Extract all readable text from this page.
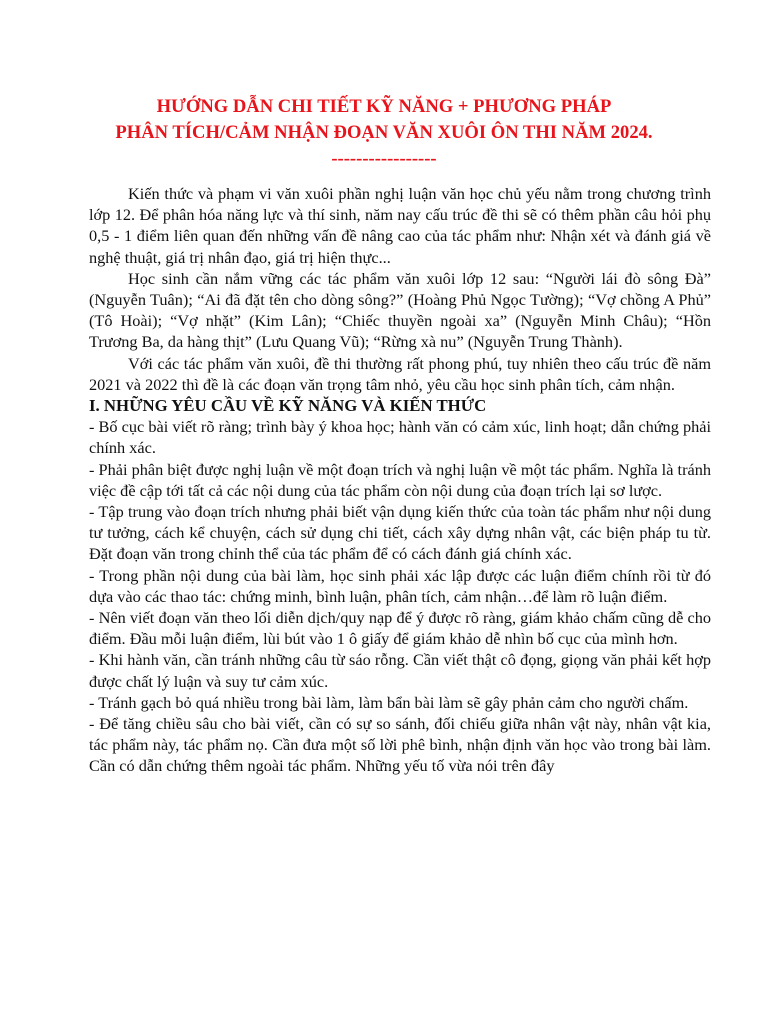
HƯỚNG DẪN CHI TIẾT KỸ NĂNG + PHƯƠNG PHÁP
PHÂN TÍCH/CẢM NHẬN ĐOẠN VĂN XUÔI ÔN THI NĂM 2024.
-----------------

Kiến thức và phạm vi văn xuôi phần nghị luận văn học chủ yếu nằm trong chương trình lớp 12. Để phân hóa năng lực và thí sinh, năm nay cấu trúc đề thi sẽ có thêm phần câu hỏi phụ 0,5 - 1 điểm liên quan đến những vấn đề nâng cao của tác phẩm như: Nhận xét và đánh giá về nghệ thuật, giá trị nhân đạo, giá trị hiện thực...

Học sinh cần nắm vững các tác phẩm văn xuôi lớp 12 sau: “Người lái đò sông Đà” (Nguyễn Tuân); “Ai đã đặt tên cho dòng sông?” (Hoàng Phủ Ngọc Tường); “Vợ chồng A Phủ” (Tô Hoài); “Vợ nhặt” (Kim Lân); “Chiếc thuyền ngoài xa” (Nguyễn Minh Châu); “Hồn Trương Ba, da hàng thịt” (Lưu Quang Vũ); “Rừng xà nu” (Nguyễn Trung Thành).

Với các tác phẩm văn xuôi, đề thi thường rất phong phú, tuy nhiên theo cấu trúc đề năm 2021 và 2022 thì đề là các đoạn văn trọng tâm nhỏ, yêu cầu học sinh phân tích, cảm nhận.

I. NHỮNG YÊU CẦU VỀ KỸ NĂNG VÀ KIẾN THỨC

- Bố cục bài viết rõ ràng; trình bày ý khoa học; hành văn có cảm xúc, linh hoạt; dẫn chứng phải chính xác.

- Phải phân biệt được nghị luận về một đoạn trích và nghị luận về một tác phẩm. Nghĩa là tránh việc đề cập tới tất cả các nội dung của tác phẩm còn nội dung của đoạn trích lại sơ lược.

- Tập trung vào đoạn trích nhưng phải biết vận dụng kiến thức của toàn tác phẩm như nội dung tư tưởng, cách kể chuyện, cách sử dụng chi tiết, cách xây dựng nhân vật, các biện pháp tu từ. Đặt đoạn văn trong chỉnh thể của tác phẩm để có cách đánh giá chính xác.

- Trong phần nội dung của bài làm, học sinh phải xác lập được các luận điểm chính rồi từ đó dựa vào các thao tác: chứng minh, bình luận, phân tích, cảm nhận…để làm rõ luận điểm.

- Nên viết đoạn văn theo lối diễn dịch/quy nạp để ý được rõ ràng, giám khảo chấm cũng dễ cho điểm. Đầu mỗi luận điểm, lùi bút vào 1 ô giấy để giám khảo dễ nhìn bố cục của mình hơn.

- Khi hành văn, cần tránh những câu từ sáo rỗng. Cần viết thật cô đọng, giọng văn phải kết hợp được chất lý luận và suy tư cảm xúc.

- Tránh gạch bỏ quá nhiều trong bài làm, làm bẩn bài làm sẽ gây phản cảm cho người chấm.

- Để tăng chiều sâu cho bài viết, cần có sự so sánh, đối chiếu giữa nhân vật này, nhân vật kia, tác phẩm này, tác phẩm nọ. Cần đưa một số lời phê bình, nhận định văn học vào trong bài làm. Cần có dẫn chứng thêm ngoài tác phẩm. Những yếu tố vừa nói trên đây
